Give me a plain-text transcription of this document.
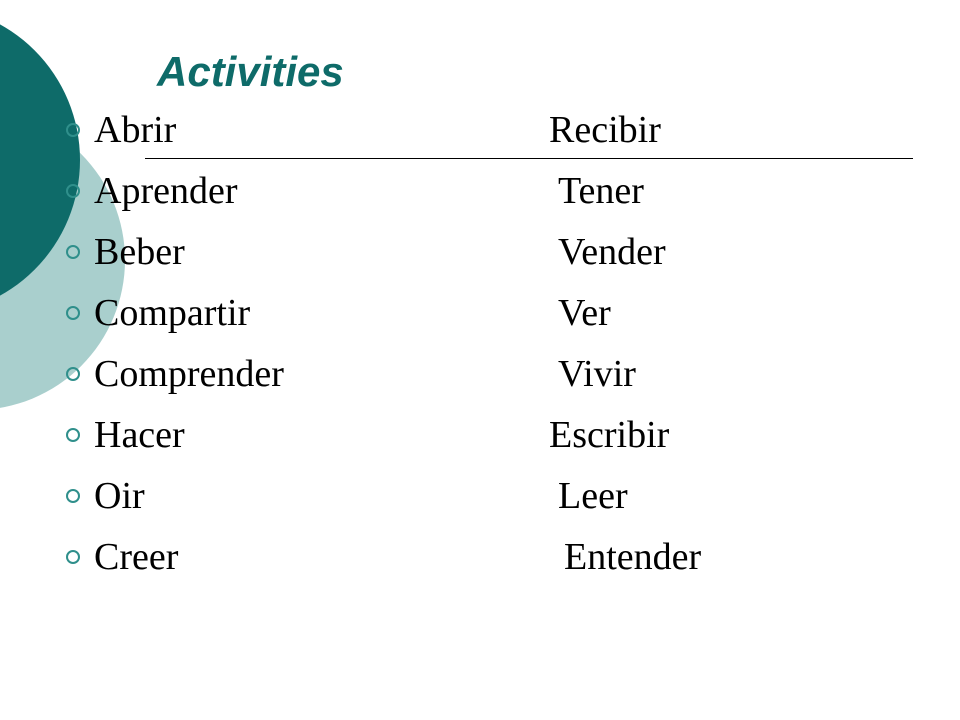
Activities
Abrir	Recibir
Aprender	Tener
Beber	Vender
Compartir	Ver
Comprender	Vivir
Hacer	Escribir
Oir	Leer
Creer	Entender
